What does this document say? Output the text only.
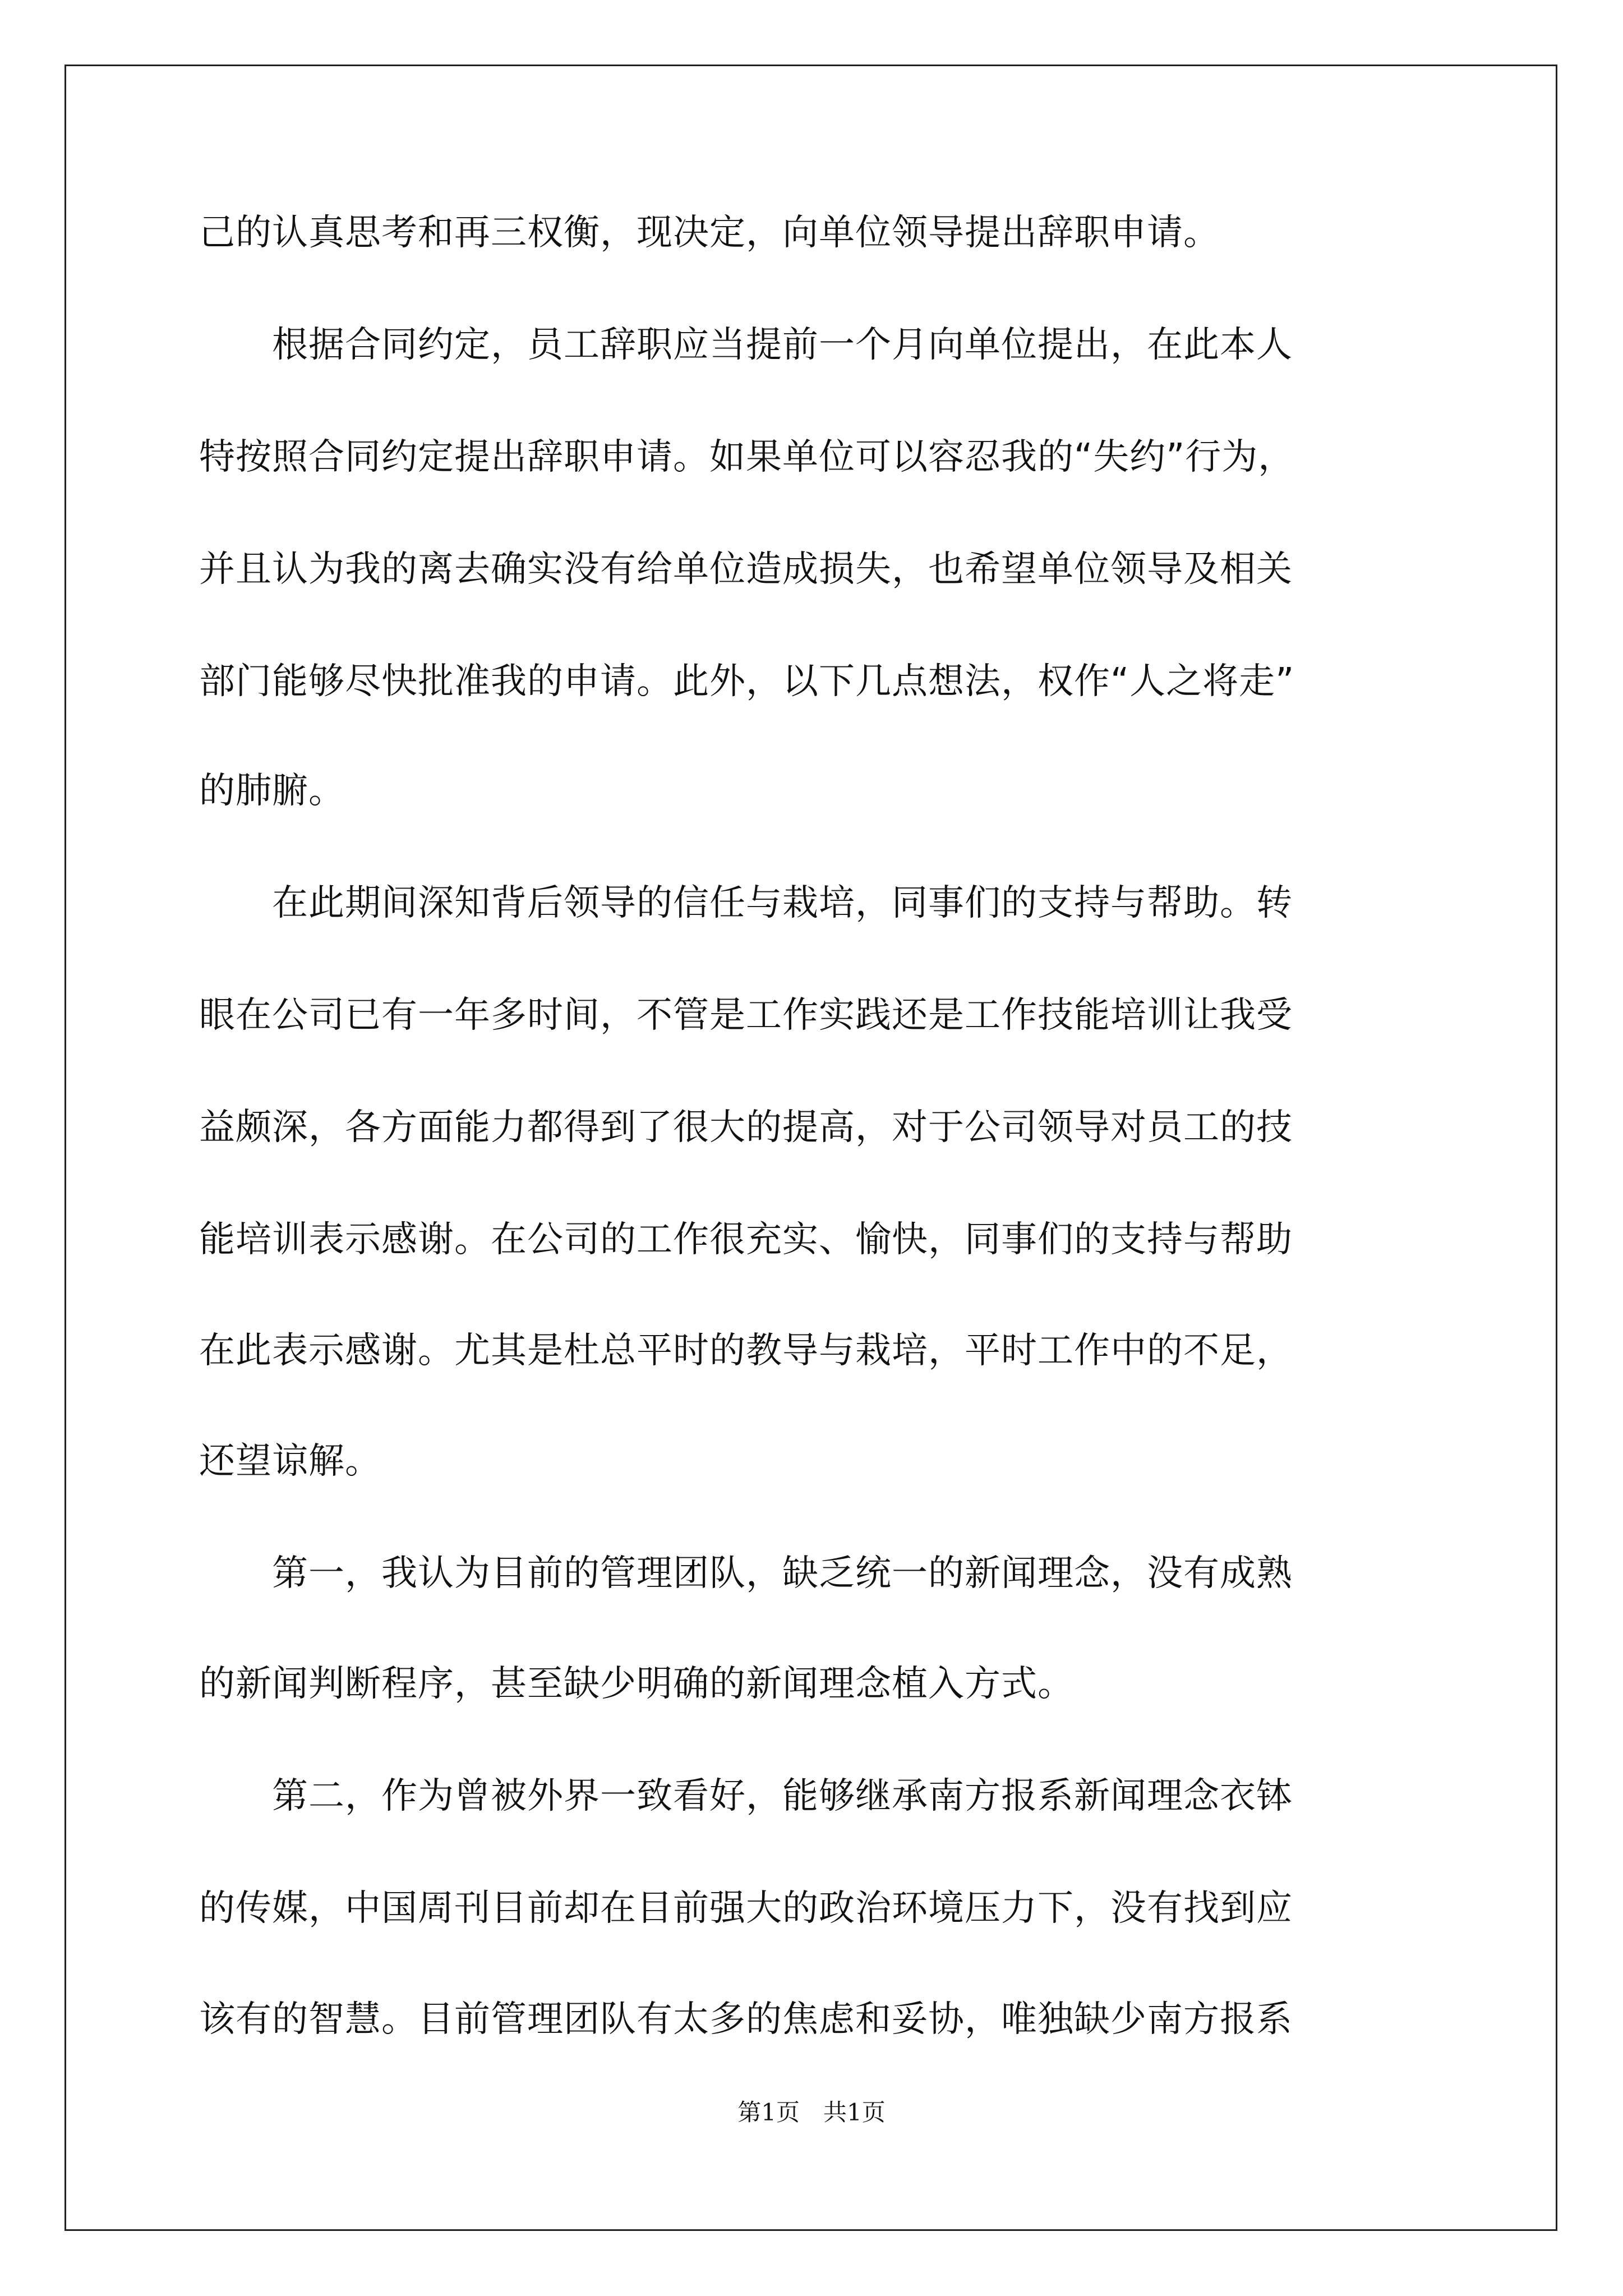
己的认真思考和再三权衡，现决定，向单位领导提出辞职申请。
　　根据合同约定，员工辞职应当提前一个月向单位提出，在此本人
特按照合同约定提出辞职申请。如果单位可以容忍我的“失约”行为，
并且认为我的离去确实没有给单位造成损失，也希望单位领导及相关
部门能够尽快批准我的申请。此外，以下几点想法，权作“人之将走”
的肺腑。
　　在此期间深知背后领导的信任与栽培，同事们的支持与帮助。转
眼在公司已有一年多时间，不管是工作实践还是工作技能培训让我受
益颇深，各方面能力都得到了很大的提高，对于公司领导对员工的技
能培训表示感谢。在公司的工作很充实、愉快，同事们的支持与帮助
在此表示感谢。尤其是杜总平时的教导与栽培，平时工作中的不足，
还望谅解。
　　第一，我认为目前的管理团队，缺乏统一的新闻理念，没有成熟
的新闻判断程序，甚至缺少明确的新闻理念植入方式。
　　第二，作为曾被外界一致看好，能够继承南方报系新闻理念衣钵
的传媒，中国周刊目前却在目前强大的政治环境压力下，没有找到应
该有的智慧。目前管理团队有太多的焦虑和妥协，唯独缺少南方报系
第1页　共1页
